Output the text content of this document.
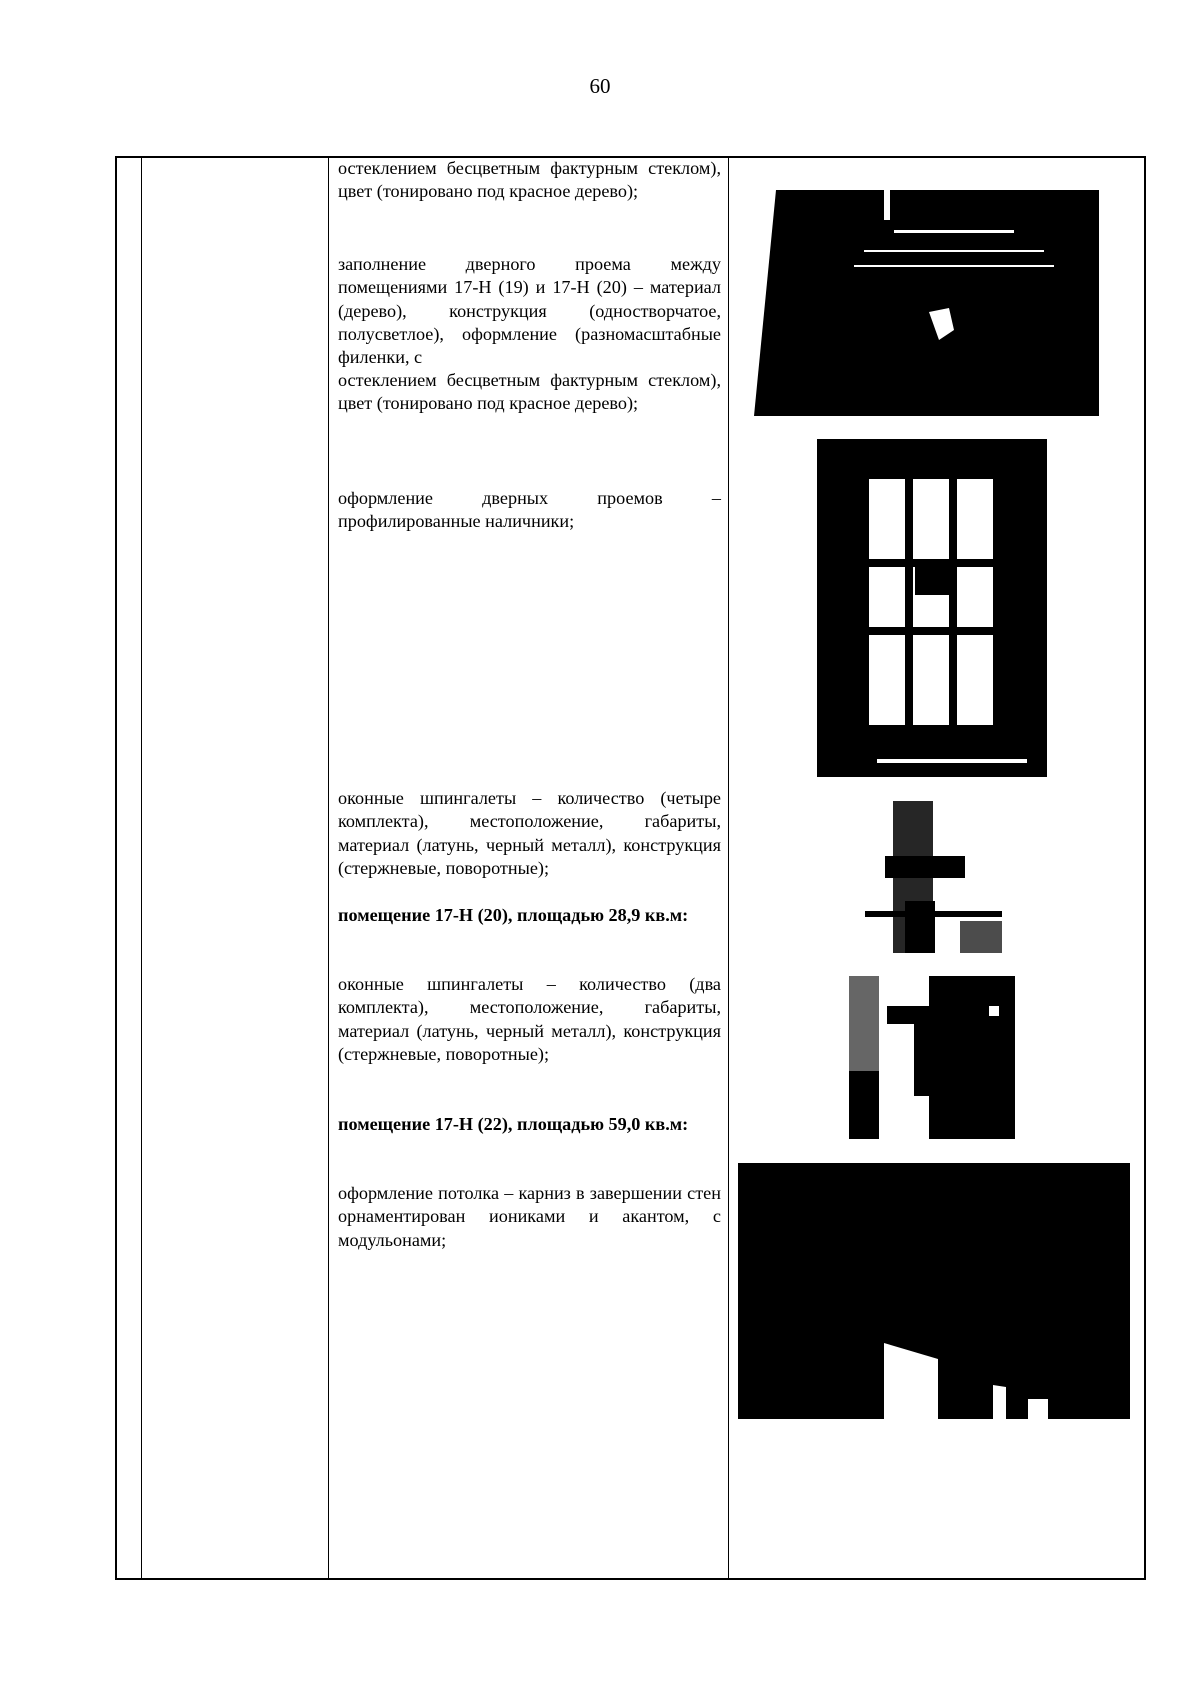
60

остеклением бесцветным фактурным стеклом), цвет (тонировано под красное дерево);

заполнение дверного проема между помещениями 17-Н (19) и 17-Н (20) – материал (дерево), конструкция (одностворчатое, полусветлое), оформление (разномасштабные филенки, с

остеклением бесцветным фактурным стеклом), цвет (тонировано под красное дерево);

оформление дверных проемов – профилированные наличники;

оконные шпингалеты – количество (четыре комплекта), местоположение, габариты, материал (латунь, черный металл), конструкция (стержневые, поворотные);

помещение 17-Н (20), площадью 28,9 кв.м:

оконные шпингалеты – количество (два комплекта), местоположение, габариты, материал (латунь, черный металл), конструкция (стержневые, поворотные);

помещение 17-Н (22), площадью 59,0 кв.м:

оформление потолка – карниз в завершении стен орнаментирован иониками и акантом, с модульонами;
